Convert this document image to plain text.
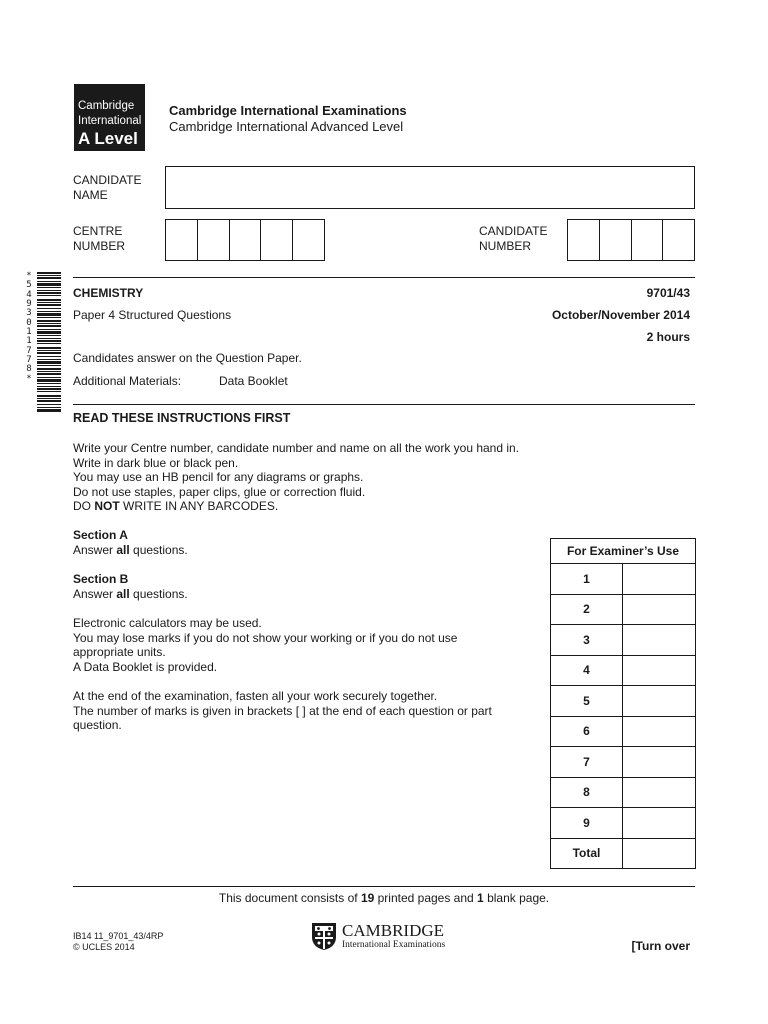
Cambridge
International
A Level
Cambridge International Examinations
Cambridge International Advanced Level
CANDIDATE
NAME
CENTRE
NUMBER
CANDIDATE
NUMBER
*
5
4
9
3
0
1
1
7
7
8
*
CHEMISTRY	9701/43
Paper 4 Structured Questions	October/November 2014
2 hours
Candidates answer on the Question Paper.
Additional Materials:	Data Booklet
READ THESE INSTRUCTIONS FIRST
Write your Centre number, candidate number and name on all the work you hand in.
Write in dark blue or black pen.
You may use an HB pencil for any diagrams or graphs.
Do not use staples, paper clips, glue or correction fluid.
DO NOT WRITE IN ANY BARCODES.
Section A
Answer all questions.
Section B
Answer all questions.
Electronic calculators may be used.
You may lose marks if you do not show your working or if you do not use
appropriate units.
A Data Booklet is provided.
At the end of the examination, fasten all your work securely together.
The number of marks is given in brackets [ ] at the end of each question or part
question.
For Examiner’s Use	
1	
2	
3	
4	
5	
6	
7	
8	
9	
Total	
This document consists of 19 printed pages and 1 blank page.
IB14 11_9701_43/4RP
© UCLES 2014
CAMBRIDGE
International Examinations	[Turn over
